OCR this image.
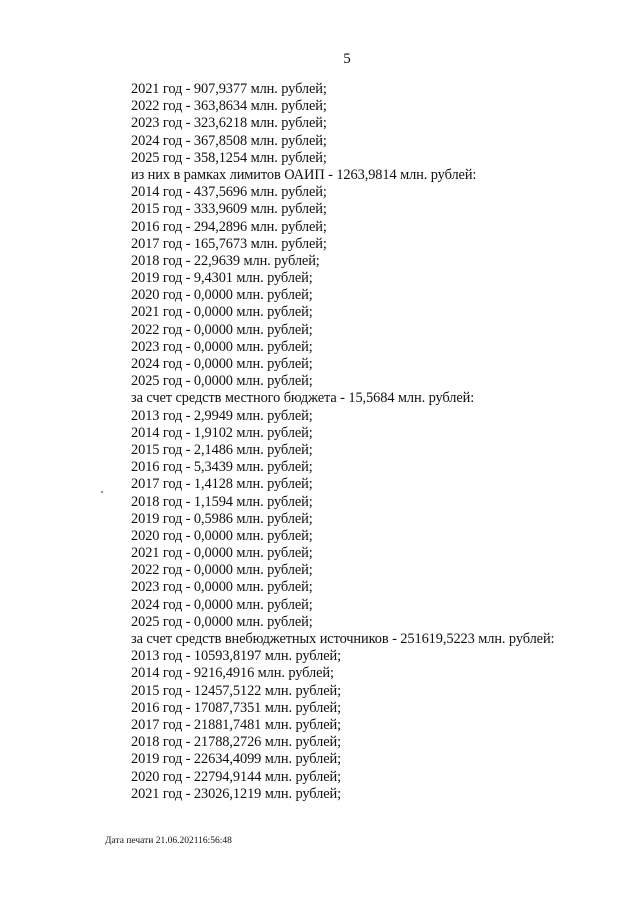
5
2021 год - 907,9377 млн. рублей;
2022 год - 363,8634 млн. рублей;
2023 год - 323,6218 млн. рублей;
2024 год - 367,8508 млн. рублей;
2025 год - 358,1254 млн. рублей;
из них в рамках лимитов ОАИП - 1263,9814 млн. рублей:
2014 год - 437,5696 млн. рублей;
2015 год - 333,9609 млн. рублей;
2016 год - 294,2896 млн. рублей;
2017 год - 165,7673 млн. рублей;
2018 год - 22,9639 млн. рублей;
2019 год - 9,4301 млн. рублей;
2020 год - 0,0000 млн. рублей;
2021 год - 0,0000 млн. рублей;
2022 год - 0,0000 млн. рублей;
2023 год - 0,0000 млн. рублей;
2024 год - 0,0000 млн. рублей;
2025 год - 0,0000 млн. рублей;
за счет средств местного бюджета - 15,5684 млн. рублей:
2013 год - 2,9949 млн. рублей;
2014 год - 1,9102 млн. рублей;
2015 год - 2,1486 млн. рублей;
2016 год - 5,3439 млн. рублей;
2017 год - 1,4128 млн. рублей;
2018 год - 1,1594 млн. рублей;
2019 год - 0,5986 млн. рублей;
2020 год - 0,0000 млн. рублей;
2021 год - 0,0000 млн. рублей;
2022 год - 0,0000 млн. рублей;
2023 год - 0,0000 млн. рублей;
2024 год - 0,0000 млн. рублей;
2025 год - 0,0000 млн. рублей;
за счет средств внебюджетных источников - 251619,5223 млн. рублей:
2013 год - 10593,8197 млн. рублей;
2014 год - 9216,4916 млн. рублей;
2015 год - 12457,5122 млн. рублей;
2016 год - 17087,7351 млн. рублей;
2017 год - 21881,7481 млн. рублей;
2018 год - 21788,2726 млн. рублей;
2019 год - 22634,4099 млн. рублей;
2020 год - 22794,9144 млн. рублей;
2021 год - 23026,1219 млн. рублей;
Дата печати 21.06.202116:56:48
